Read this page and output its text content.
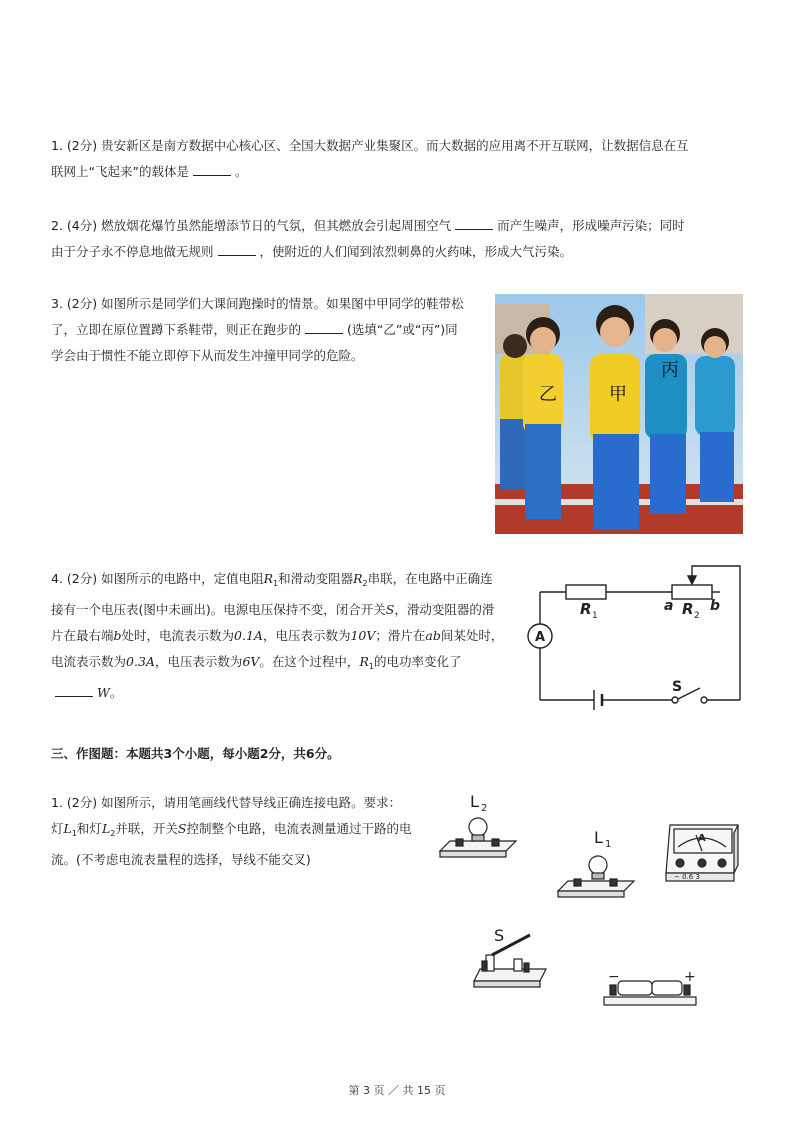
1. (2分) 贵安新区是南方数据中心核心区、全国大数据产业集聚区。而大数据的应用离不开互联网，让数据信息在互
联网上“飞起来”的载体是	。
2. (4分) 燃放烟花爆竹虽然能增添节日的气氛，但其燃放会引起周围空气	而产生噪声，形成噪声污染；同时
由于分子永不停息地做无规则	，使附近的人们闻到浓烈刺鼻的火药味，形成大气污染。
3. (2分) 如图所示是同学们大课间跑操时的情景。如果图中甲同学的鞋带松
了，立即在原位置蹲下系鞋带，则正在跑步的	(选填“乙”或“丙”)同
学会由于惯性不能立即停下从而发生冲撞甲同学的危险。
乙	甲
丙
4. (2分) 如图所示的电路中，定值电阻$R_1$和滑动变阻器$R_2$串联，在电路中正确连
接有一个电压表(图中未画出)。电源电压保持不变，闭合开关S，滑动变阻器的滑
片在最右端b处时，电流表示数为0.1A，电压表示数为10V；滑片在ab间某处时，
电流表示数为0.3A，电压表示数为6V。在这个过程中，$R_1$的电功率变化了
W。
R 1
a R 2
b
A
S
三、作图题：本题共3个小题，每小题2分，共6分。
1. (2分) 如图所示，请用笔画线代替导线正确连接电路。要求：
灯$L_1$和灯$L_2$并联，开关S控制整个电路，电流表测量通过干路的电
流。(不考虑电流表量程的选择，导线不能交叉)
L 2
L 1
A
− 0.6 3
S
−	+
第 3 页 ／ 共 15 页
